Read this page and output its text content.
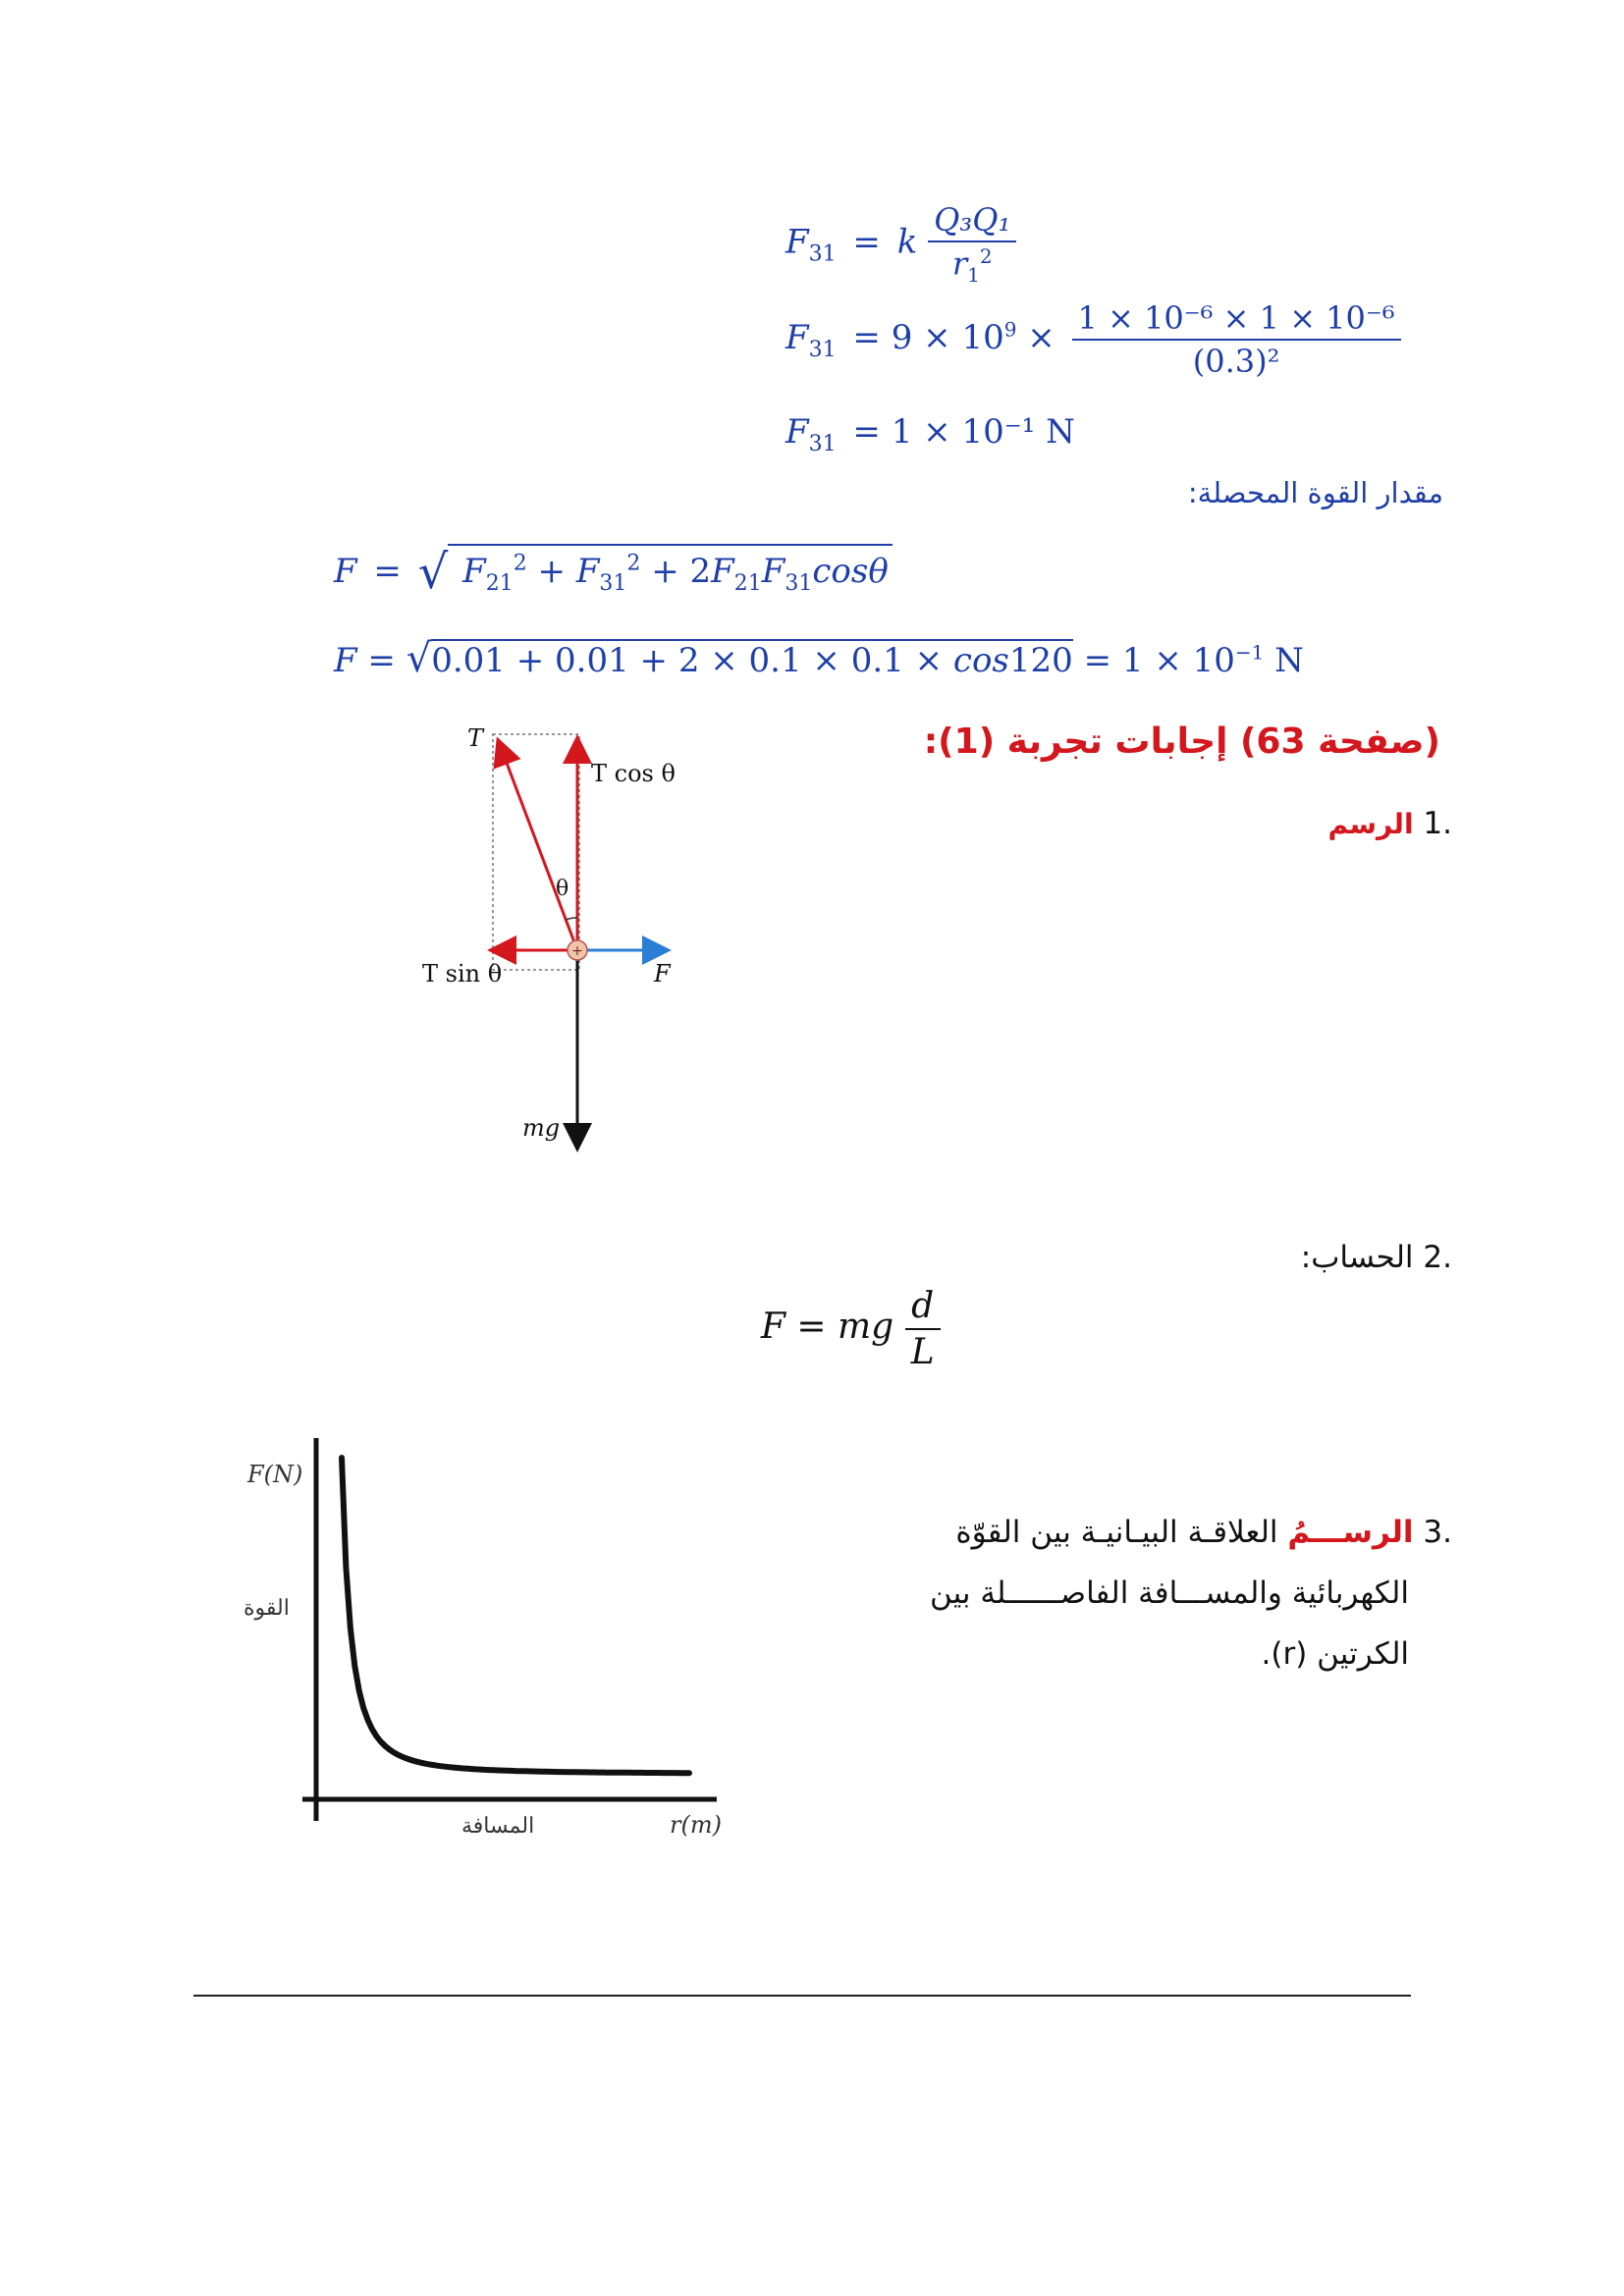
$F_{31} = k \frac{\text{Q₃Q₁}}{r_1^2}$
$F_{31} = 9 \times 10^9 \times \frac{\text{1 × 10⁻⁶ × 1 × 10⁻⁶}}{\text{(0.3)²}}$
$F_{31} = 1 \times 10^{-1}$ N
مقدار القوة المحصلة:
F = √ $F_{21}^2 + F_{31}^2 + 2F_{21}F_{31}\cos\theta$
$F = √0.01 + 0.01 + 2 \times 0.1 \times 0.1 \times \cos 120 = 1 \times 10^{-1}$ N
(صفحة 63) إجابات تجربة (1):
.1 الرسم
+
T
T cos θ
θ
T sin θ	F
mg
.2 الحساب:
F = mg $\frac{d}{L}$
.3 الرســـمُ العلاقـة البيـانيـة بين القوّة
الكهربائية والمســـافة الفاصــــــلة بين
الكرتين (r).
F(N)
القوة
المسافة	r(m)
